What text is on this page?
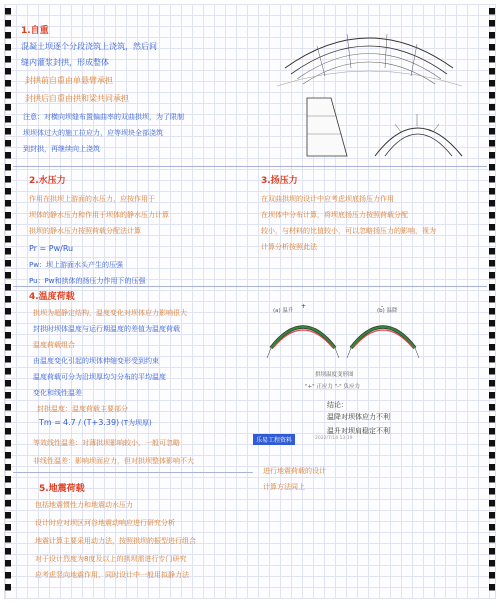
1.自重
混凝土坝逐个分段浇筑上浇筑，然后间
缝内灌浆封拱，形成整体
封拱前自重由单悬臂承担
封拱后自重由拱和梁共同承担
注意：对横向坝缝布置偏曲率的双曲拱坝，为了限制
坝坝体过大的施工拉应力，应等坝块全部浇筑
到封拱，再继续向上浇筑
2.水压力
作用在拱坝上游面的水压力，应按作用于
坝体的静水压力和作用于坝体的静水压力计算
拱坝的静水压力按照荷载分配法计算
Pr = Pw/Ru
Pw：坝上游面水头产生的压强
Pu：Pw和拱体的扬压力作用下的压强
3.扬压力
在双曲拱坝的设计中应考虑坝底扬压力作用
在坝体中分布计算，将坝底扬压力按照荷载分配
较小，与材料的比值较小，可以忽略扬压力的影响，视为
计算分析按照此法
4.温度荷载
拱坝为超静定结构，温度变化对坝体应力影响很大
封拱时坝体温度与运行期温度的差值为温度荷载
温度荷载组合
由温度变化引起的坝体伸缩变形受到约束
温度荷载可分为沿坝厚均匀分布的平均温度
变化和线性温差
封拱温度：温度荷载主要部分
Tm = 4.7 / (T+3.39) (T为坝厚)
等效线性温差：对薄拱坝影响较小，一般可忽略
非线性温差：影响坝面应力，但对拱坝整体影响不大
+	-
(a) 温升	(b) 温降
拱坝温度变形图
"+" 正应力 "-" 负应力
结论：
温降对坝体应力不利
温升对坝肩稳定不利
乐易工程资料	2022/7/14 13:19
进行地震荷载的设计
计算方法同上
5.地震荷载
包括地震惯性力和地震动水压力
设计时应对坝区河谷地震动响应进行研究分析
地震计算主要采用动力法，按照拱坝的振型进行组合
对于设计烈度为8度及以上的拱坝需进行专门研究
应考虑竖向地震作用，同时设计中一般用拟静力法
